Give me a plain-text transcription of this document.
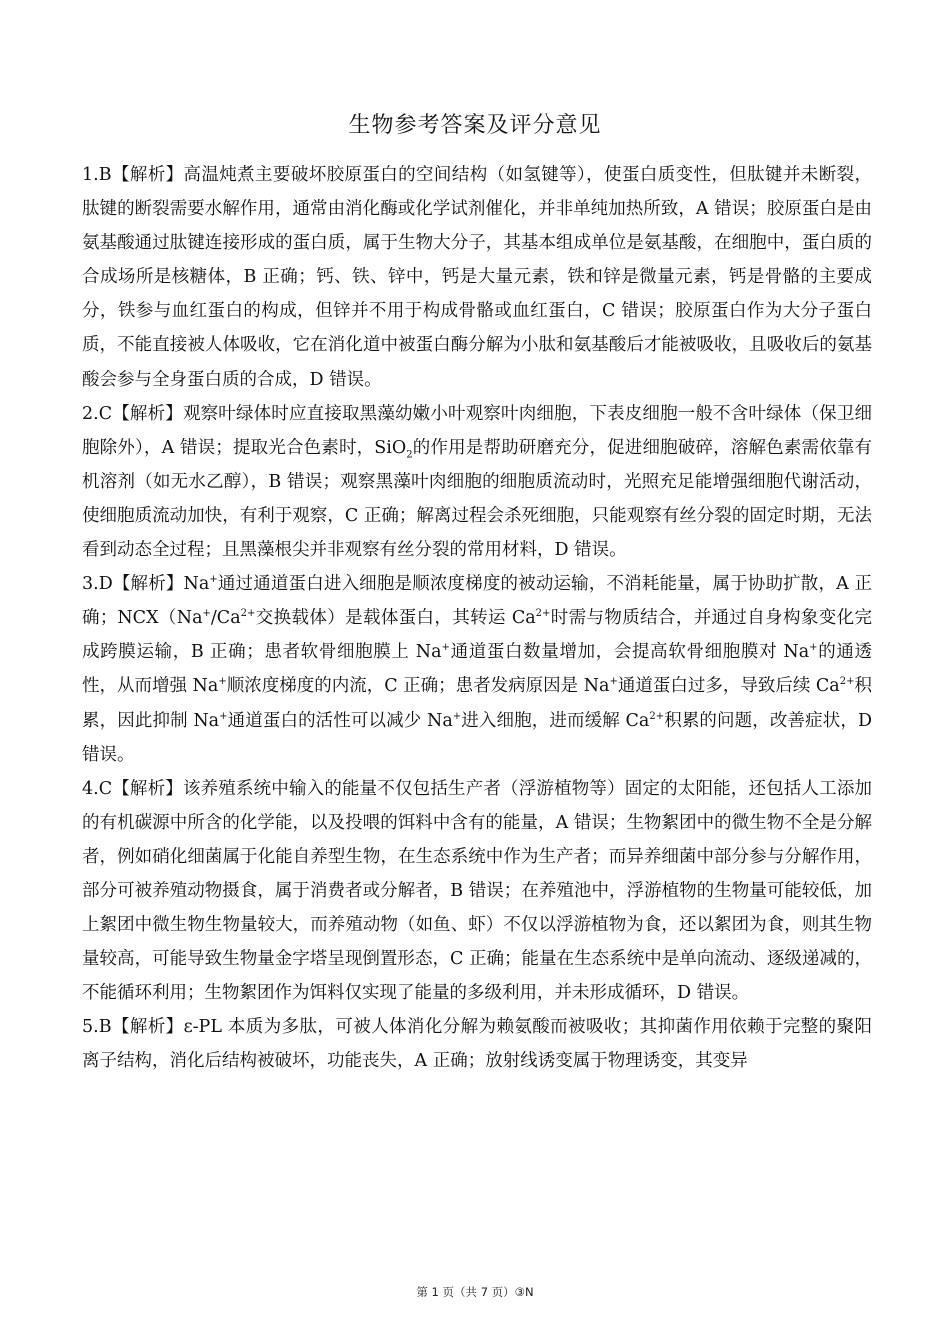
生物参考答案及评分意见

1.B【解析】高温炖煮主要破坏胶原蛋白的空间结构（如氢键等），使蛋白质变性，但肽键并未断裂，肽键的断裂需要水解作用，通常由消化酶或化学试剂催化，并非单纯加热所致，A 错误；胶原蛋白是由氨基酸通过肽键连接形成的蛋白质，属于生物大分子，其基本组成单位是氨基酸，在细胞中，蛋白质的合成场所是核糖体，B 正确；钙、铁、锌中，钙是大量元素，铁和锌是微量元素，钙是骨骼的主要成分，铁参与血红蛋白的构成，但锌并不用于构成骨骼或血红蛋白，C 错误；胶原蛋白作为大分子蛋白质，不能直接被人体吸收，它在消化道中被蛋白酶分解为小肽和氨基酸后才能被吸收，且吸收后的氨基酸会参与全身蛋白质的合成，D 错误。

2.C【解析】观察叶绿体时应直接取黑藻幼嫩小叶观察叶肉细胞，下表皮细胞一般不含叶绿体（保卫细胞除外），A 错误；提取光合色素时，SiO$_2$的作用是帮助研磨充分，促进细胞破碎，溶解色素需依靠有机溶剂（如无水乙醇），B 错误；观察黑藻叶肉细胞的细胞质流动时，光照充足能增强细胞代谢活动，使细胞质流动加快，有利于观察，C 正确；解离过程会杀死细胞，只能观察有丝分裂的固定时期，无法看到动态全过程；且黑藻根尖并非观察有丝分裂的常用材料，D 错误。

3.D【解析】Na+通过通道蛋白进入细胞是顺浓度梯度的被动运输，不消耗能量，属于协助扩散，A 正确；$NCX(Na^+/Ca^{2+}$交换载体）是载体蛋白，其转运 $Ca^{2+}$时需与物质结合，并通过自身构象变化完成跨膜运输，B 正确；患者软骨细胞膜上 Na+通道蛋白数量增加，会提高软骨细胞膜对 Na+的通透性，从而增强 Na+顺浓度梯度的内流，C 正确；患者发病原因是 Na+通道蛋白过多，导致后续 $Ca^{2+}$积累，因此抑制 Na+通道蛋白的活性可以减少 Na+进入细胞，进而缓解 $Ca^{2+}$积累的问题，改善症状，D 错误。

4.C【解析】该养殖系统中输入的能量不仅包括生产者（浮游植物等）固定的太阳能，还包括人工添加的有机碳源中所含的化学能，以及投喂的饵料中含有的能量，A 错误；生物絮团中的微生物不全是分解者，例如硝化细菌属于化能自养型生物，在生态系统中作为生产者；而异养细菌中部分参与分解作用，部分可被养殖动物摄食，属于消费者或分解者，B 错误；在养殖池中，浮游植物的生物量可能较低，加上絮团中微生物生物量较大，而养殖动物（如鱼、虾）不仅以浮游植物为食，还以絮团为食，则其生物量较高，可能导致生物量金字塔呈现倒置形态，C 正确；能量在生态系统中是单向流动、逐级递减的，不能循环利用；生物絮团作为饵料仅实现了能量的多级利用，并未形成循环，D 错误。

5.B【解析】ε-PL 本质为多肽，可被人体消化分解为赖氨酸而被吸收；其抑菌作用依赖于完整的聚阳离子结构，消化后结构被破坏，功能丧失，A 正确；放射线诱变属于物理诱变，其变异

第 1 页（共 7 页）③N
